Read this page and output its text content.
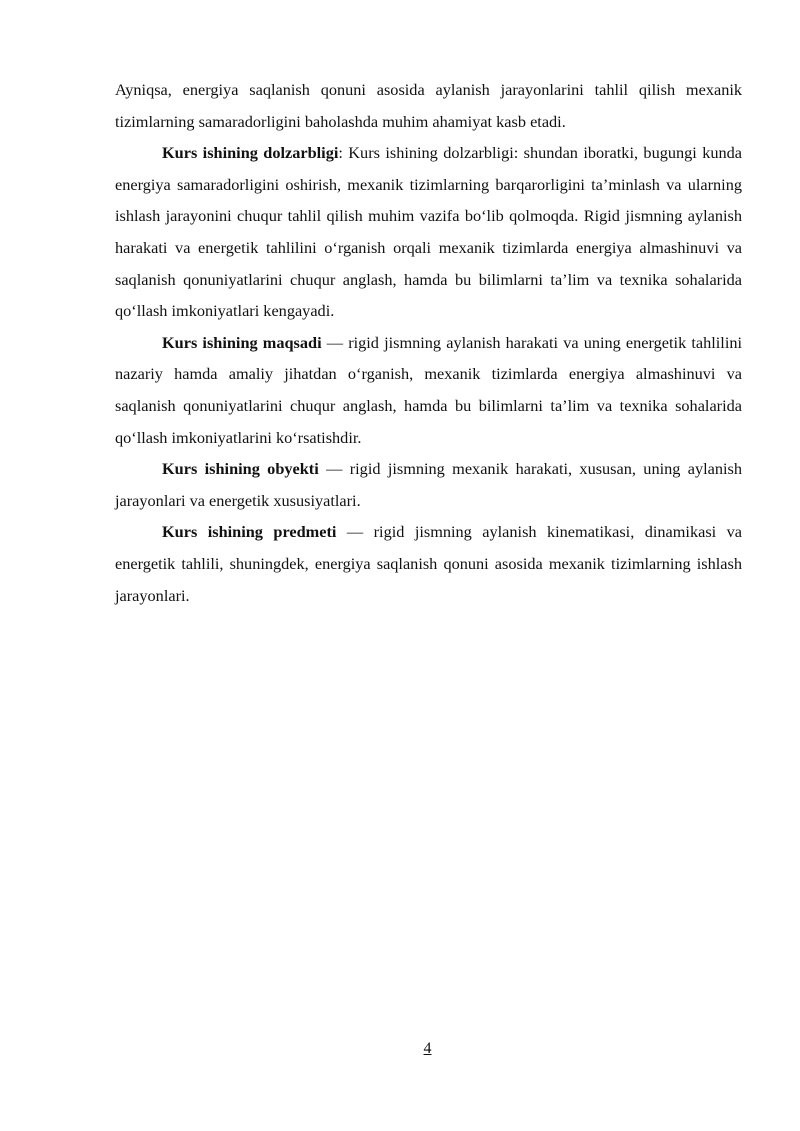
Ayniqsa, energiya saqlanish qonuni asosida aylanish jarayonlarini tahlil qilish mexanik tizimlarning samaradorligini baholashda muhim ahamiyat kasb etadi.

Kurs ishining dolzarbligi: Kurs ishining dolzarbligi: shundan iboratki, bugungi kunda energiya samaradorligini oshirish, mexanik tizimlarning barqarorligini ta’minlash va ularning ishlash jarayonini chuqur tahlil qilish muhim vazifa bo‘lib qolmoqda. Rigid jismning aylanish harakati va energetik tahlilini o‘rganish orqali mexanik tizimlarda energiya almashinuvi va saqlanish qonuniyatlarini chuqur anglash, hamda bu bilimlarni ta’lim va texnika sohalarida qo‘llash imkoniyatlari kengayadi.

Kurs ishining maqsadi — rigid jismning aylanish harakati va uning energetik tahlilini nazariy hamda amaliy jihatdan o‘rganish, mexanik tizimlarda energiya almashinuvi va saqlanish qonuniyatlarini chuqur anglash, hamda bu bilimlarni ta’lim va texnika sohalarida qo‘llash imkoniyatlarini ko‘rsatishdir.

Kurs ishining obyekti — rigid jismning mexanik harakati, xususan, uning aylanish jarayonlari va energetik xususiyatlari.

Kurs ishining predmeti — rigid jismning aylanish kinematikasi, dinamikasi va energetik tahlili, shuningdek, energiya saqlanish qonuni asosida mexanik tizimlarning ishlash jarayonlari.

4
